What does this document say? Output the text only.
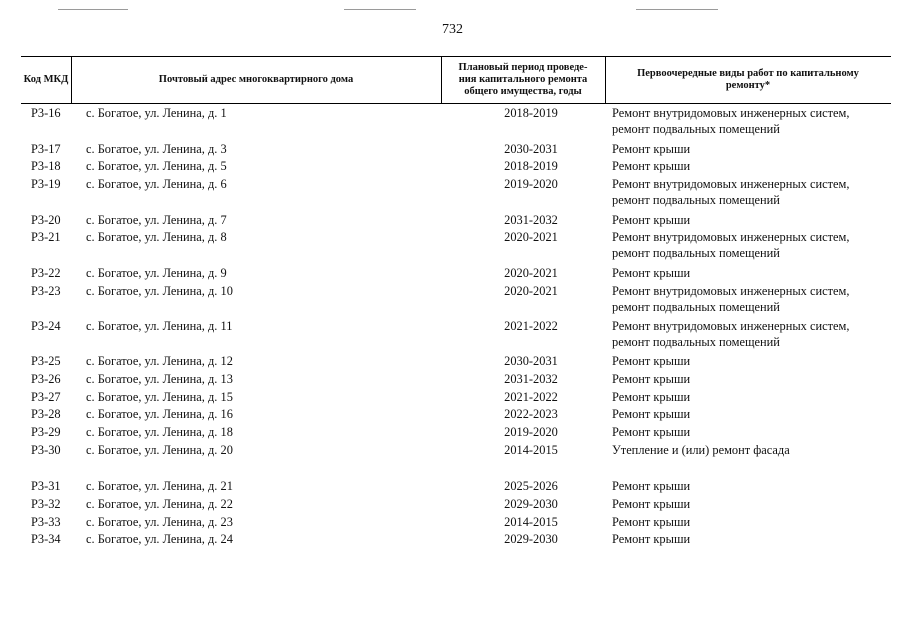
732
Код МКД	Почтовый адрес многоквартирного дома
Плановый период проведе-
ния капитального ремонта
общего имущества, годы
Первоочередные виды работ по капитальному
ремонту*
Р3-16 с. Богатое, ул. Ленина, д. 1	2018-2019	Ремонт внутридомовых инженерных систем,
ремонт подвальных помещений
Р3-17 с. Богатое, ул. Ленина, д. 3	2030-2031	Ремонт крыши
Р3-18 с. Богатое, ул. Ленина, д. 5	2018-2019	Ремонт крыши
Р3-19 с. Богатое, ул. Ленина, д. 6	2019-2020	Ремонт внутридомовых инженерных систем,
ремонт подвальных помещений
Р3-20 с. Богатое, ул. Ленина, д. 7	2031-2032	Ремонт крыши
Р3-21 с. Богатое, ул. Ленина, д. 8	2020-2021	Ремонт внутридомовых инженерных систем,
ремонт подвальных помещений
Р3-22 с. Богатое, ул. Ленина, д. 9	2020-2021	Ремонт крыши
Р3-23 с. Богатое, ул. Ленина, д. 10	2020-2021	Ремонт внутридомовых инженерных систем,
ремонт подвальных помещений
Р3-24 с. Богатое, ул. Ленина, д. 11	2021-2022	Ремонт внутридомовых инженерных систем,
ремонт подвальных помещений
Р3-25 с. Богатое, ул. Ленина, д. 12	2030-2031	Ремонт крыши
Р3-26 с. Богатое, ул. Ленина, д. 13	2031-2032	Ремонт крыши
Р3-27 с. Богатое, ул. Ленина, д. 15	2021-2022	Ремонт крыши
Р3-28 с. Богатое, ул. Ленина, д. 16	2022-2023	Ремонт крыши
Р3-29 с. Богатое, ул. Ленина, д. 18	2019-2020	Ремонт крыши
Р3-30 с. Богатое, ул. Ленина, д. 20	2014-2015	Утепление и (или) ремонт фасада
Р3-31 с. Богатое, ул. Ленина, д. 21	2025-2026	Ремонт крыши
Р3-32 с. Богатое, ул. Ленина, д. 22	2029-2030	Ремонт крыши
Р3-33 с. Богатое, ул. Ленина, д. 23	2014-2015	Ремонт крыши
Р3-34 с. Богатое, ул. Ленина, д. 24	2029-2030	Ремонт крыши
